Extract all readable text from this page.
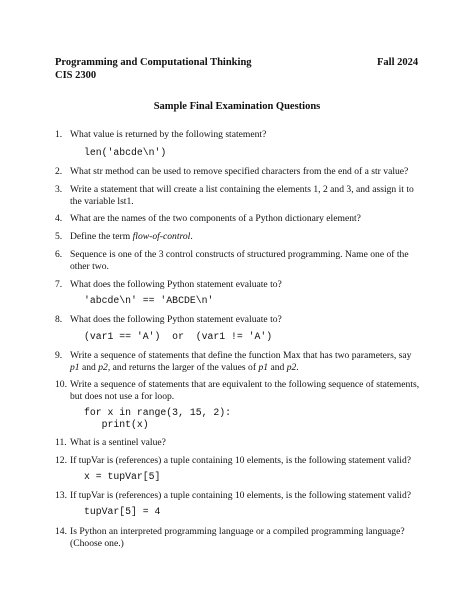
Programming and Computational Thinking
CIS 2300
Fall 2024
Sample Final Examination Questions
1. What value is returned by the following statement?
len('abcde\n')
2. What str method can be used to remove specified characters from the end of a str value?
3. Write a statement that will create a list containing the elements 1, 2 and 3, and assign it to the variable lst1.
4. What are the names of the two components of a Python dictionary element?
5. Define the term flow-of-control.
6. Sequence is one of the 3 control constructs of structured programming. Name one of the other two.
7. What does the following Python statement evaluate to?
'abcde\n' == 'ABCDE\n'
8. What does the following Python statement evaluate to?
(var1 == 'A')  or  (var1 != 'A')
9. Write a sequence of statements that define the function Max that has two parameters, say p1 and p2, and returns the larger of the values of p1 and p2.
10. Write a sequence of statements that are equivalent to the following sequence of statements, but does not use a for loop.
for x in range(3, 15, 2):
print(x)
11. What is a sentinel value?
12. If tupVar is (references) a tuple containing 10 elements, is the following statement valid?
x = tupVar[5]
13. If tupVar is (references) a tuple containing 10 elements, is the following statement valid?
tupVar[5] = 4
14. Is Python an interpreted programming language or a compiled programming language? (Choose one.)
